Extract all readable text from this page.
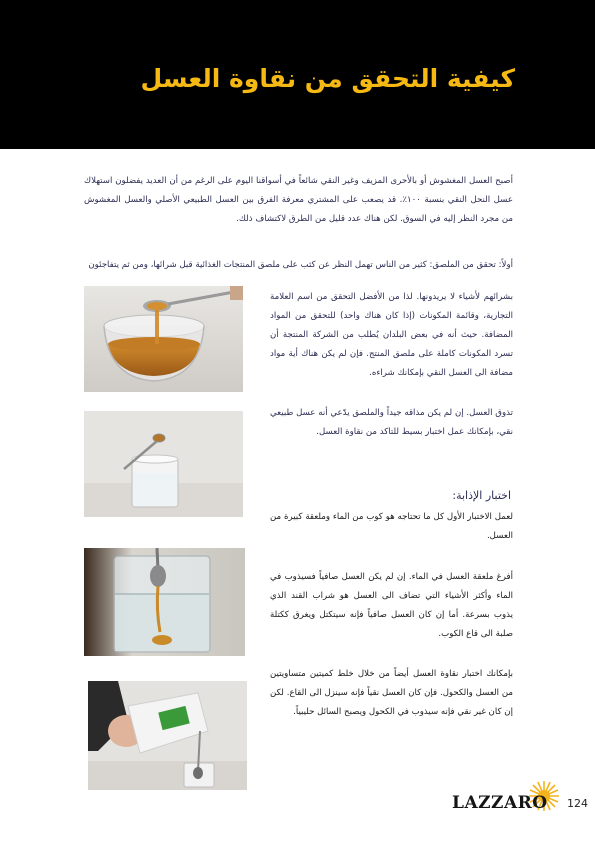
كيفية التحقق من نقاوة العسل

أصبح العسل المغشوش أو بالأحرى المزيف وغير النقي شائعاً في أسواقنا اليوم على الرغم من أن العديد يفضلون استهلاك عسل النحل النقي بنسبة ١٠٠٪. قد يصعب على المشتري معرفة الفرق بين العسل الطبيعي الأصلي والعسل المغشوش من مجرد النظر إليه في السوق. لكن هناك عدد قليل من الطرق لاكتشاف ذلك.

أولاً: تحقق من الملصق: كثير من الناس تهمل النظر عن كثب على ملصق المنتجات الغذائية قبل شرائها، ومن ثم يتفاجئون

بشرائهم لأشياء لا يريدونها. لذا من الأفضل التحقق من اسم العلامة التجارية، وقائمة المكونات (إذا كان هناك واحد) للتحقق من المواد المضافة. حيث أنه في بعض البلدان يُطلب من الشركة المنتجة أن تسرد المكونات كاملة على ملصق المنتج. فإن لم يكن هناك أية مواد مضافة الى العسل النقي بإمكانك شراءه.

تذوق العسل. إن لم يكن مذاقه جيداً والملصق يدّعي أنه عسل طبيعي نقي، بإمكانك عمل اختبار بسيط للتاكد من نقاوة العسل.

اختبار الإذابة:

لعمل الاختبار الأول كل ما تحتاجه هو كوب من الماء وملعقة كبيرة من العسل.

أفرغ ملعقة العسل في الماء. إن لم يكن العسل صافياً فسيذوب في الماء وأكثر الأشياء التي تضاف الى العسل هو شراب القند الذي يذوب بسرعة. أما إن كان العسل صافياً فإنه سيتكتل ويغرق ككتلة صلبة الى قاع الكوب.

بإمكانك اختبار نقاوة العسل أيضاً من خلال خلط كميتين متساويتين من العسل والكحول. فإن كان العسل نقياً فإنه سينزل الى القاع. لكن إن كان غير نقي فإنه سيذوب في الكحول ويصبح السائل حليبياً.

LAZZARO 124
